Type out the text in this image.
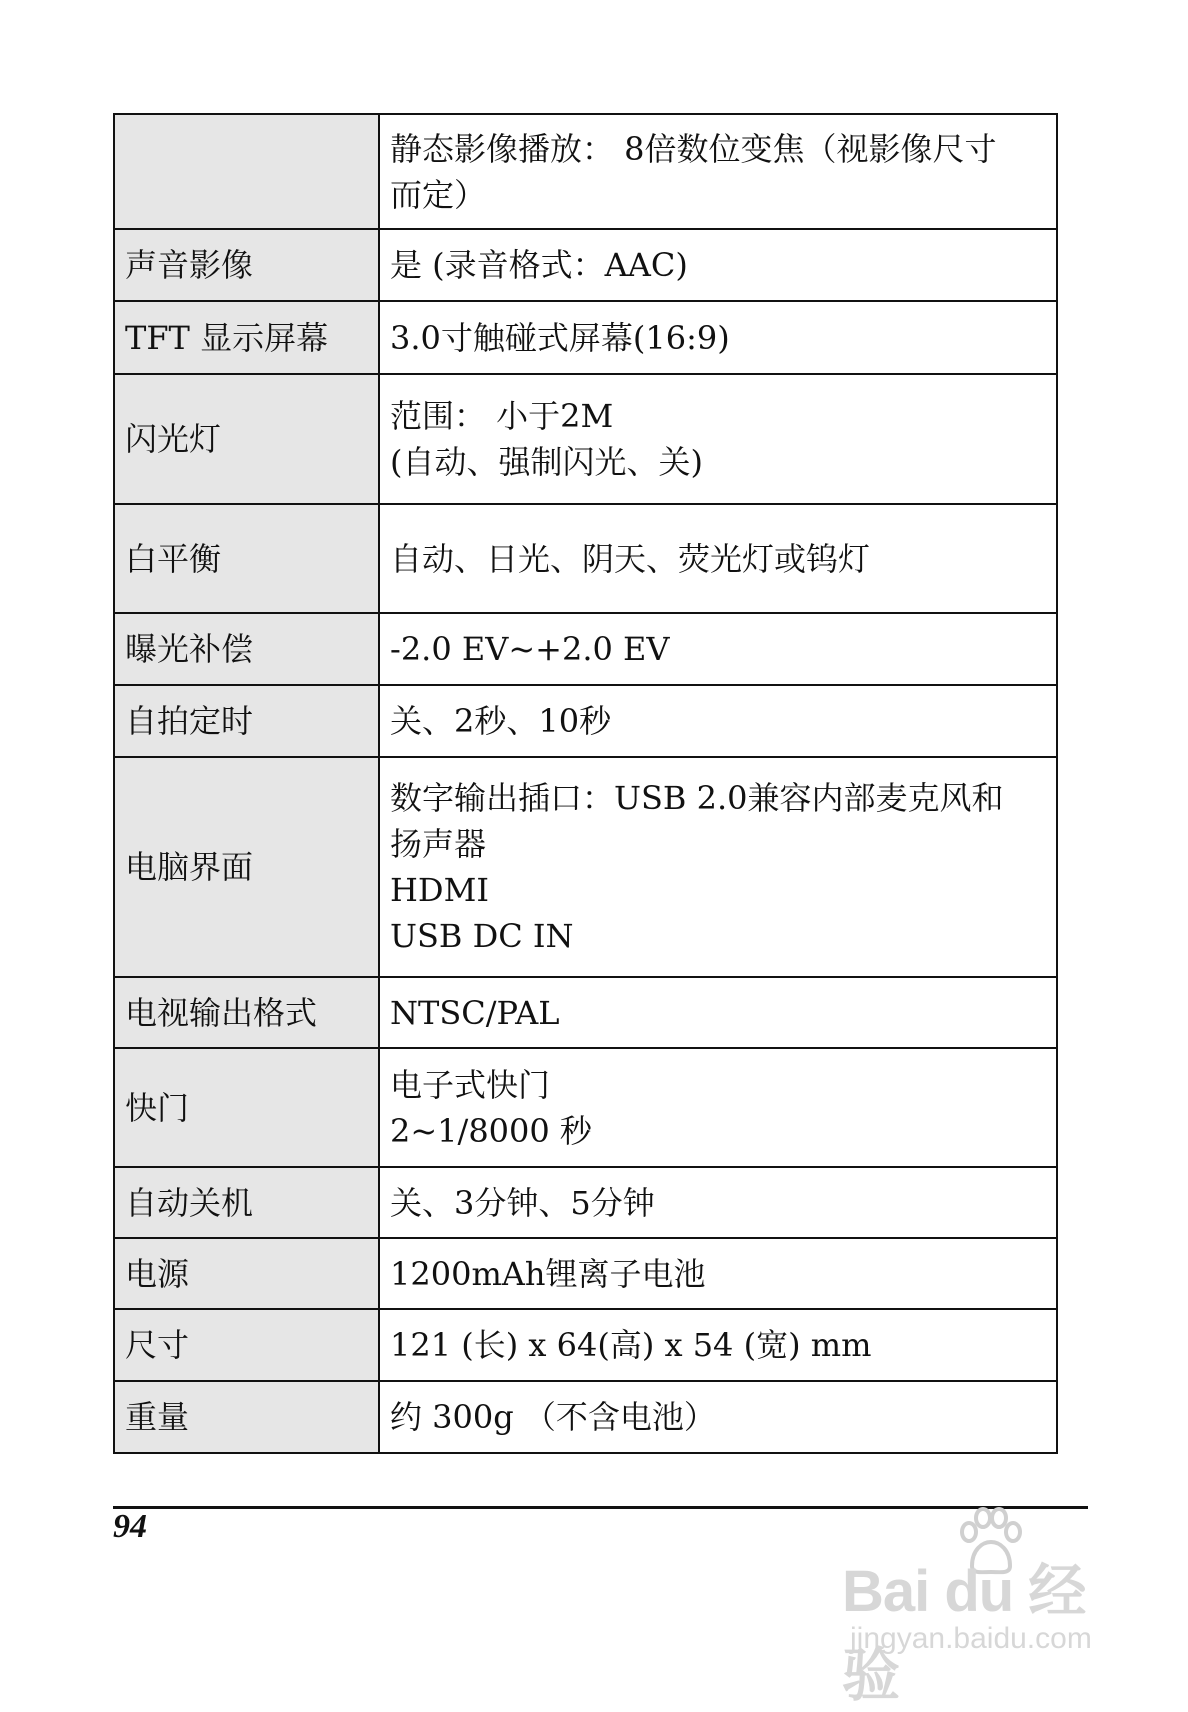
	静态影像播放： 8倍数位变焦（视影像尺寸
而定）

声音影像	是 (录音格式：AAC)

TFT 显示屏幕	3.0寸触碰式屏幕(16:9)

闪光灯	范围： 小于2M
(自动、强制闪光、关)

白平衡	自动、日光、阴天、荧光灯或钨灯

曝光补偿	-2.0 EV~+2.0 EV

自拍定时	关、2秒、10秒

电脑界面	数字输出插口：USB 2.0兼容内部麦克风和
扬声器
HDMI
USB DC IN

电视输出格式	NTSC/PAL

快门	电子式快门
2~1/8000 秒

自动关机	关、3分钟、5分钟

电源	1200mAh锂离子电池

尺寸	121 (长) x 64(高) x 54 (宽) mm

重量	约 300g （不含电池）
94
Bai du 经验
jingyan.baidu.com
